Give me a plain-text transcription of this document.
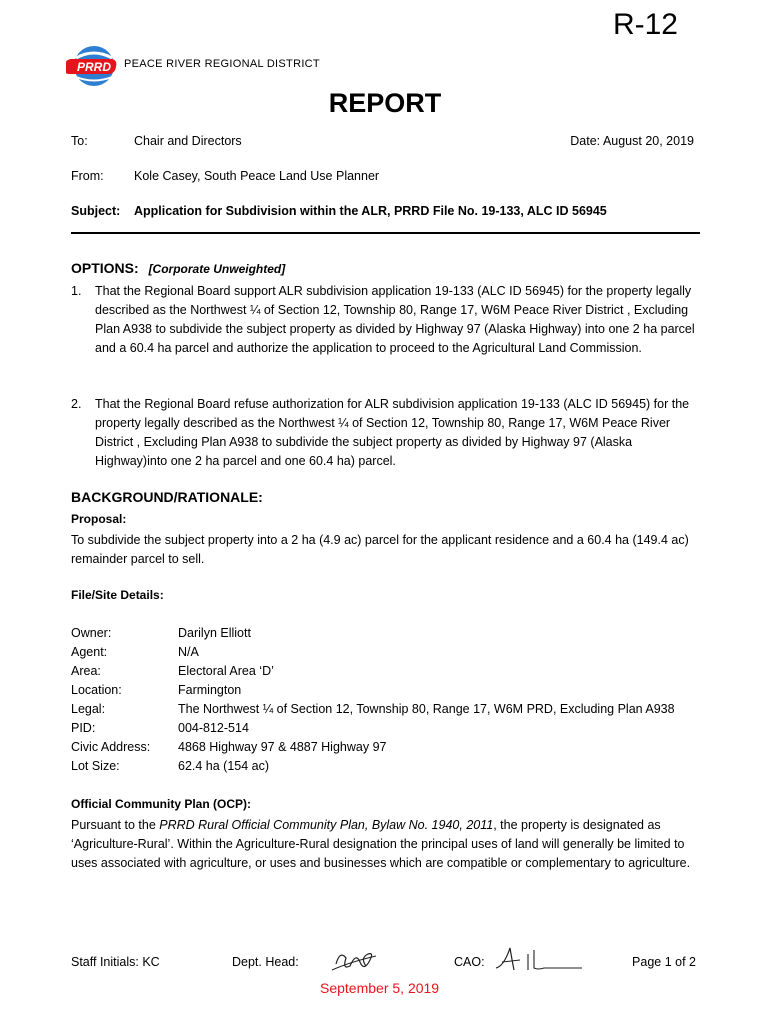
R-12
PRRD PEACE RIVER REGIONAL DISTRICT
REPORT
To:	Chair and Directors	Date: August 20, 2019
From: Kole Casey, South Peace Land Use Planner
Subject: Application for Subdivision within the ALR, PRRD File No. 19-133, ALC ID 56945
OPTIONS: [Corporate Unweighted]
1. That the Regional Board support ALR subdivision application 19-133 (ALC ID 56945) for the property legally described as the Northwest ¼ of Section 12, Township 80, Range 17, W6M Peace River District , Excluding Plan A938 to subdivide the subject property as divided by Highway 97 (Alaska Highway) into one 2 ha parcel and a 60.4 ha parcel and authorize the application to proceed to the Agricultural Land Commission.
2. That the Regional Board refuse authorization for ALR subdivision application 19-133 (ALC ID 56945) for the property legally described as the Northwest ¼ of Section 12, Township 80, Range 17, W6M Peace River District , Excluding Plan A938 to subdivide the subject property as divided by Highway 97 (Alaska Highway)into one 2 ha parcel and one 60.4 ha) parcel.
BACKGROUND/RATIONALE:
Proposal:
To subdivide the subject property into a 2 ha (4.9 ac) parcel for the applicant residence and a 60.4 ha (149.4 ac) remainder parcel to sell.
File/Site Details:
Owner:	Darilyn Elliott
Agent:	N/A
Area:	Electoral Area ‘D’
Location:	Farmington
Legal:	The Northwest ¼ of Section 12, Township 80, Range 17, W6M PRD, Excluding Plan A938
PID:	004-812-514
Civic Address: 4868 Highway 97 & 4887 Highway 97
Lot Size:	62.4 ha (154 ac)
Official Community Plan (OCP):
Pursuant to the PRRD Rural Official Community Plan, Bylaw No. 1940, 2011, the property is designated as ‘Agriculture-Rural’. Within the Agriculture-Rural designation the principal uses of land will generally be limited to uses associated with agriculture, or uses and businesses which are compatible or complementary to agriculture.
Staff Initials: KC	Dept. Head:	CAO:	Page 1 of 2
September 5, 2019
